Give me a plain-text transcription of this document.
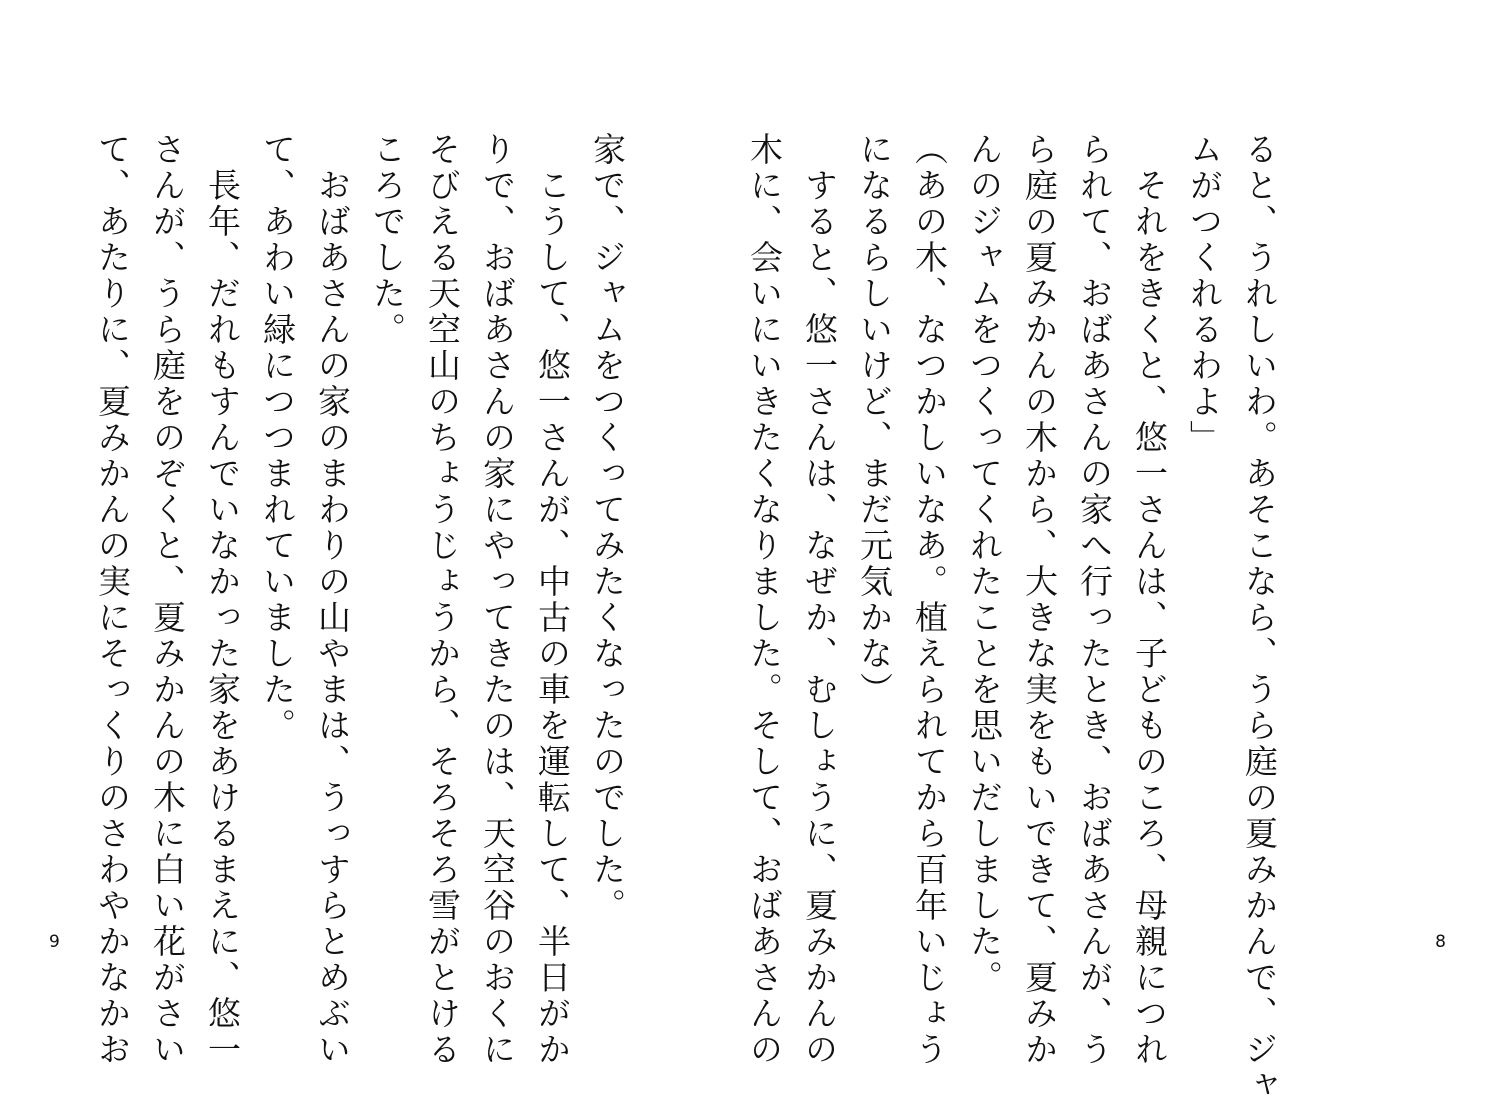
ると、うれしいわ。あそこなら、うら庭の夏みかんで、ジャ
ムがつくれるわよ」
　それをきくと、悠一さんは、子どものころ、母親につれ
られて、おばあさんの家へ行ったとき、おばあさんが、う
ら庭の夏みかんの木から、大きな実をもいできて、夏みか
んのジャムをつくってくれたことを思いだしました。
（あの木、なつかしいなあ。植えられてから百年いじょう
になるらしいけど、まだ元気かな）
　すると、悠一さんは、なぜか、むしょうに、夏みかんの
木に、会いにいきたくなりました。そして、おばあさんの	8
家で、ジャムをつくってみたくなったのでした。
　こうして、悠一さんが、中古の車を運転して、半日がか
りで、おばあさんの家にやってきたのは、天空谷のおくに
そびえる天空山のちょうじょうから、そろそろ雪がとける
ころでした。
　おばあさんの家のまわりの山やまは、うっすらとめぶい
て、あわい緑につつまれていました。
　長年、だれもすんでいなかった家をあけるまえに、悠一
さんが、うら庭をのぞくと、夏みかんの木に白い花がさい
て、あたりに、夏みかんの実にそっくりのさわやかなかお
9
